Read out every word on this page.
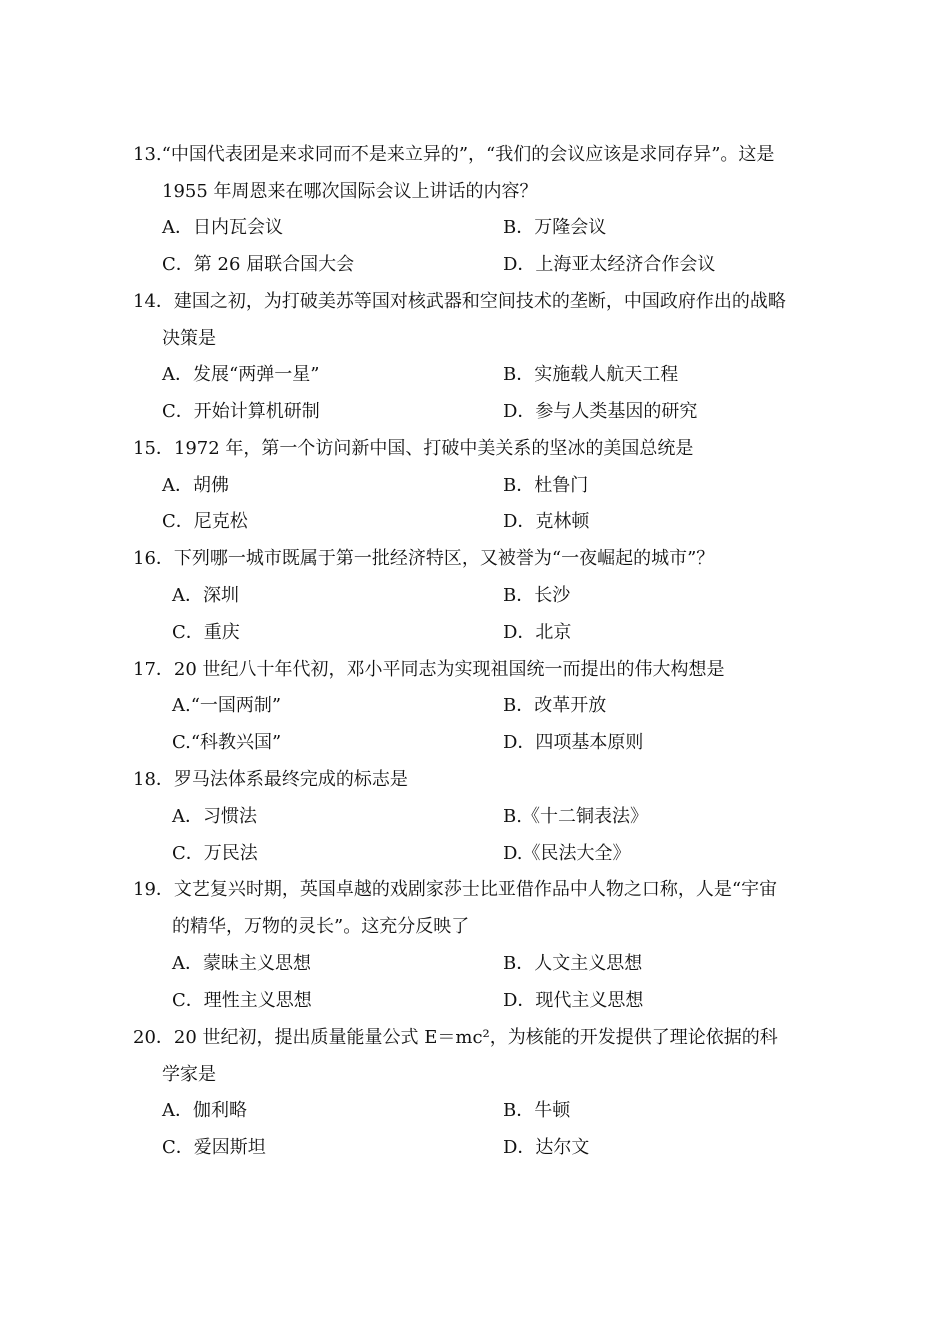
13.“中国代表团是来求同而不是来立异的”，“我们的会议应该是求同存异”。这是
1955 年周恩来在哪次国际会议上讲话的内容？
A．日内瓦会议	B．万隆会议
C．第 26 届联合国大会	D．上海亚太经济合作会议
14．建国之初，为打破美苏等国对核武器和空间技术的垄断，中国政府作出的战略
决策是
A．发展“两弹一星”	B．实施载人航天工程
C．开始计算机研制	D．参与人类基因的研究
15．1972 年，第一个访问新中国、打破中美关系的坚冰的美国总统是
A．胡佛	B．杜鲁门
C．尼克松	D．克林顿
16．下列哪一城市既属于第一批经济特区，又被誉为“一夜崛起的城市”？
A．深圳	B．长沙
C．重庆	D．北京
17．20 世纪八十年代初，邓小平同志为实现祖国统一而提出的伟大构想是
A.“一国两制”	B．改革开放
C.“科教兴国”	D．四项基本原则
18．罗马法体系最终完成的标志是
A．习惯法	B.《十二铜表法》
C．万民法	D.《民法大全》
19．文艺复兴时期，英国卓越的戏剧家莎士比亚借作品中人物之口称，人是“宇宙
的精华，万物的灵长”。这充分反映了
A．蒙昧主义思想	B．人文主义思想
C．理性主义思想	D．现代主义思想
20．20 世纪初，提出质量能量公式 E＝mc²，为核能的开发提供了理论依据的科
学家是
A．伽利略	B．牛顿
C．爱因斯坦	D．达尔文
